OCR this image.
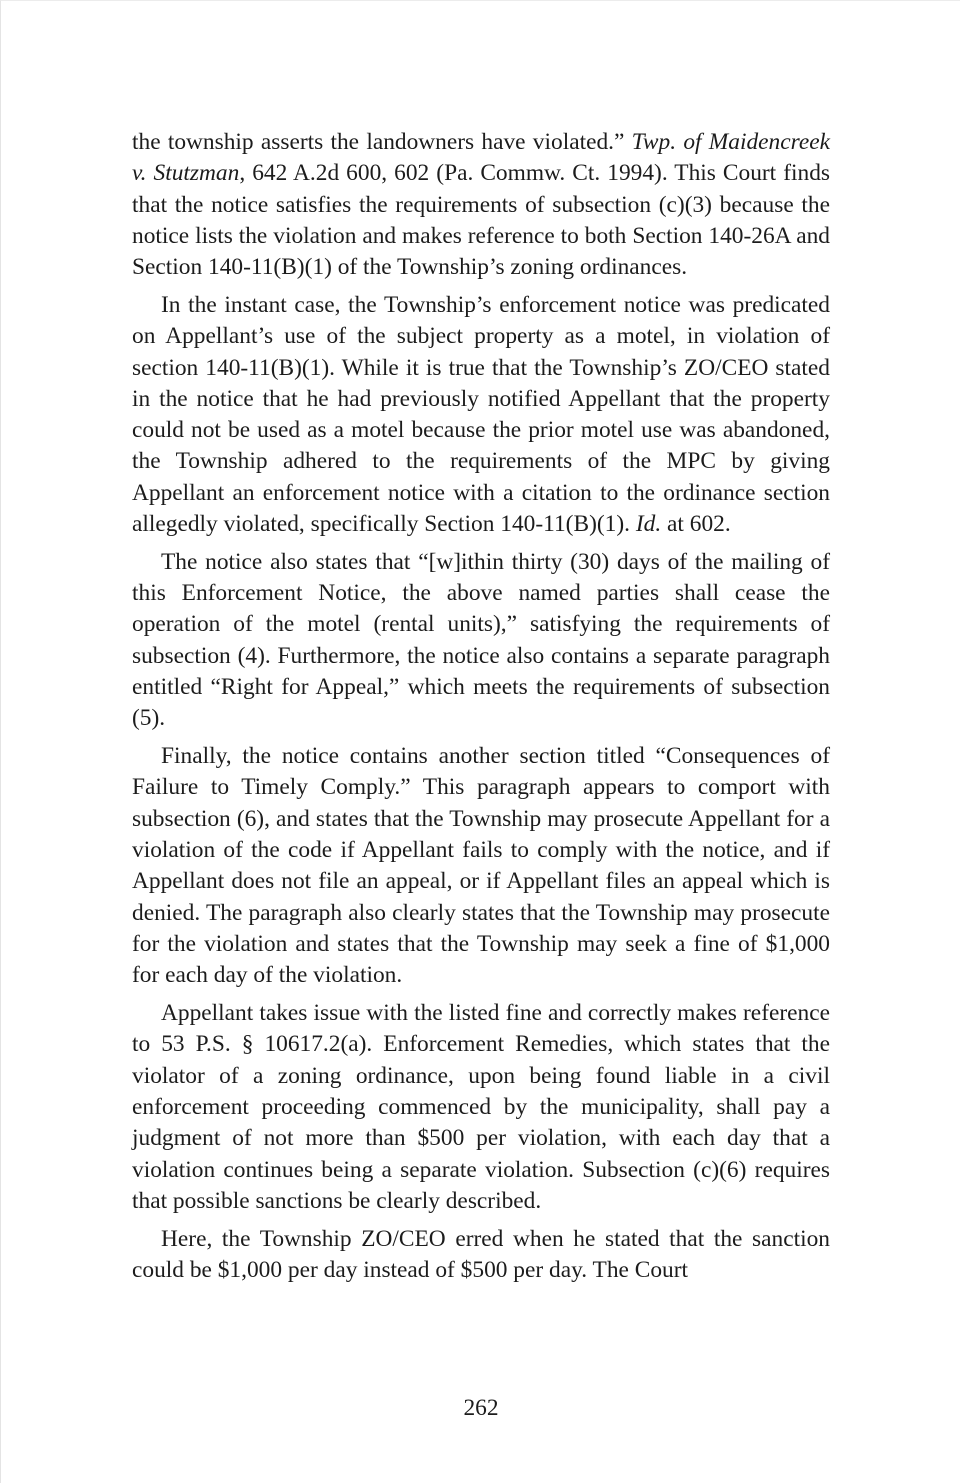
the township asserts the landowners have violated.” Twp. of Maidencreek v. Stutzman, 642 A.2d 600, 602 (Pa. Commw. Ct. 1994). This Court finds that the notice satisfies the requirements of subsection (c)(3) because the notice lists the violation and makes reference to both Section 140-26A and Section 140-11(B)(1) of the Township’s zoning ordinances.

In the instant case, the Township’s enforcement notice was predicated on Appellant’s use of the subject property as a motel, in violation of section 140-11(B)(1). While it is true that the Township’s ZO/CEO stated in the notice that he had previously notified Appellant that the property could not be used as a motel because the prior motel use was abandoned, the Township adhered to the requirements of the MPC by giving Appellant an enforcement notice with a citation to the ordinance section allegedly violated, specifically Section 140-11(B)(1). Id. at 602.

The notice also states that “[w]ithin thirty (30) days of the mailing of this Enforcement Notice, the above named parties shall cease the operation of the motel (rental units),” satisfying the requirements of subsection (4). Furthermore, the notice also contains a separate paragraph entitled “Right for Appeal,” which meets the requirements of subsection (5).

Finally, the notice contains another section titled “Consequences of Failure to Timely Comply.” This paragraph appears to comport with subsection (6), and states that the Township may prosecute Appellant for a violation of the code if Appellant fails to comply with the notice, and if Appellant does not file an appeal, or if Appellant files an appeal which is denied. The paragraph also clearly states that the Township may prosecute for the violation and states that the Township may seek a fine of $1,000 for each day of the violation.

Appellant takes issue with the listed fine and correctly makes reference to 53 P.S. § 10617.2(a). Enforcement Remedies, which states that the violator of a zoning ordinance, upon being found liable in a civil enforcement proceeding commenced by the municipality, shall pay a judgment of not more than $500 per violation, with each day that a violation continues being a separate violation. Subsection (c)(6) requires that possible sanctions be clearly described.

Here, the Township ZO/CEO erred when he stated that the sanction could be $1,000 per day instead of $500 per day. The Court

262
